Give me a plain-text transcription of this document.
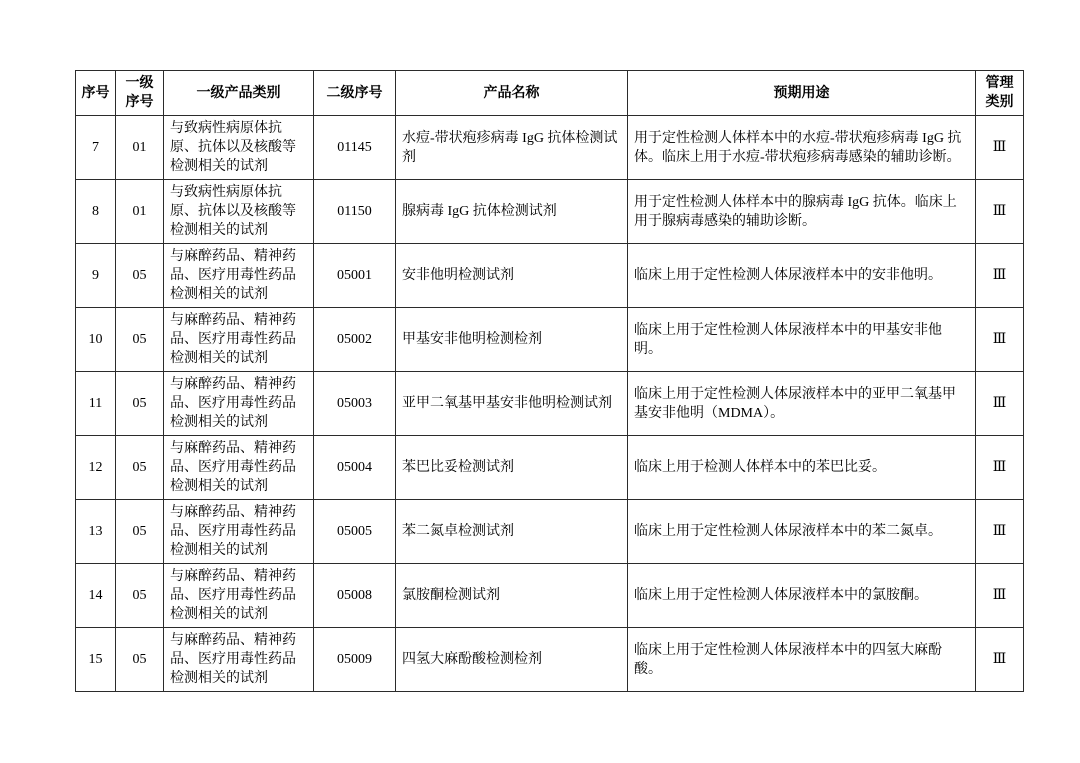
序号	一级序号	一级产品类别	二级序号	产品名称	预期用途	管理类别
7	01	与致病性病原体抗原、抗体以及核酸等检测相关的试剂	01145	水痘-带状疱疹病毒 IgG 抗体检测试剂	用于定性检测人体样本中的水痘-带状疱疹病毒 IgG 抗体。临床上用于水痘-带状疱疹病毒感染的辅助诊断。	Ⅲ
8	01	与致病性病原体抗原、抗体以及核酸等检测相关的试剂	01150	腺病毒 IgG 抗体检测试剂	用于定性检测人体样本中的腺病毒 IgG 抗体。临床上用于腺病毒感染的辅助诊断。	Ⅲ
9	05	与麻醉药品、精神药品、医疗用毒性药品检测相关的试剂	05001	安非他明检测试剂	临床上用于定性检测人体尿液样本中的安非他明。	Ⅲ
10	05	与麻醉药品、精神药品、医疗用毒性药品检测相关的试剂	05002	甲基安非他明检测检剂	临床上用于定性检测人体尿液样本中的甲基安非他明。	Ⅲ
11	05	与麻醉药品、精神药品、医疗用毒性药品检测相关的试剂	05003	亚甲二氧基甲基安非他明检测试剂	临床上用于定性检测人体尿液样本中的亚甲二氧基甲基安非他明（MDMA）。	Ⅲ
12	05	与麻醉药品、精神药品、医疗用毒性药品检测相关的试剂	05004	苯巴比妥检测试剂	临床上用于检测人体样本中的苯巴比妥。	Ⅲ
13	05	与麻醉药品、精神药品、医疗用毒性药品检测相关的试剂	05005	苯二氮卓检测试剂	临床上用于定性检测人体尿液样本中的苯二氮卓。	Ⅲ
14	05	与麻醉药品、精神药品、医疗用毒性药品检测相关的试剂	05008	氯胺酮检测试剂	临床上用于定性检测人体尿液样本中的氯胺酮。	Ⅲ
15	05	与麻醉药品、精神药品、医疗用毒性药品检测相关的试剂	05009	四氢大麻酚酸检测检剂	临床上用于定性检测人体尿液样本中的四氢大麻酚酸。	Ⅲ
